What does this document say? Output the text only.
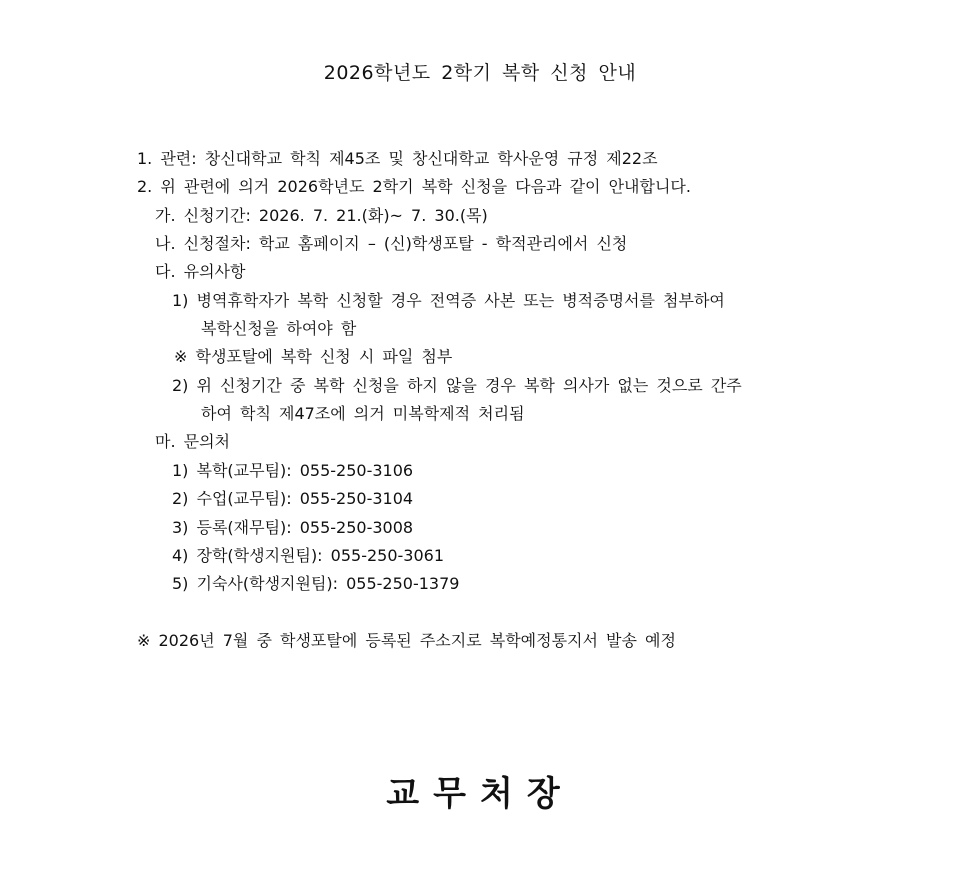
2026학년도 2학기 복학 신청 안내
1. 관련: 창신대학교 학칙 제45조 및 창신대학교 학사운영 규정 제22조
2. 위 관련에 의거 2026학년도 2학기 복학 신청을 다음과 같이 안내합니다.
가. 신청기간: 2026. 7. 21.(화)~ 7. 30.(목)
나. 신청절차: 학교 홈페이지 – (신)학생포탈 - 학적관리에서 신청
다. 유의사항
1) 병역휴학자가 복학 신청할 경우 전역증 사본 또는 병적증명서를 첨부하여
복학신청을 하여야 함
※ 학생포탈에 복학 신청 시 파일 첨부
2) 위 신청기간 중 복학 신청을 하지 않을 경우 복학 의사가 없는 것으로 간주
하여 학칙 제47조에 의거 미복학제적 처리됨
마. 문의처
1) 복학(교무팀): 055-250-3106
2) 수업(교무팀): 055-250-3104
3) 등록(재무팀): 055-250-3008
4) 장학(학생지원팀): 055-250-3061
5) 기숙사(학생지원팀): 055-250-1379
※ 2026년 7월 중 학생포탈에 등록된 주소지로 복학예정통지서 발송 예정
교무처장
